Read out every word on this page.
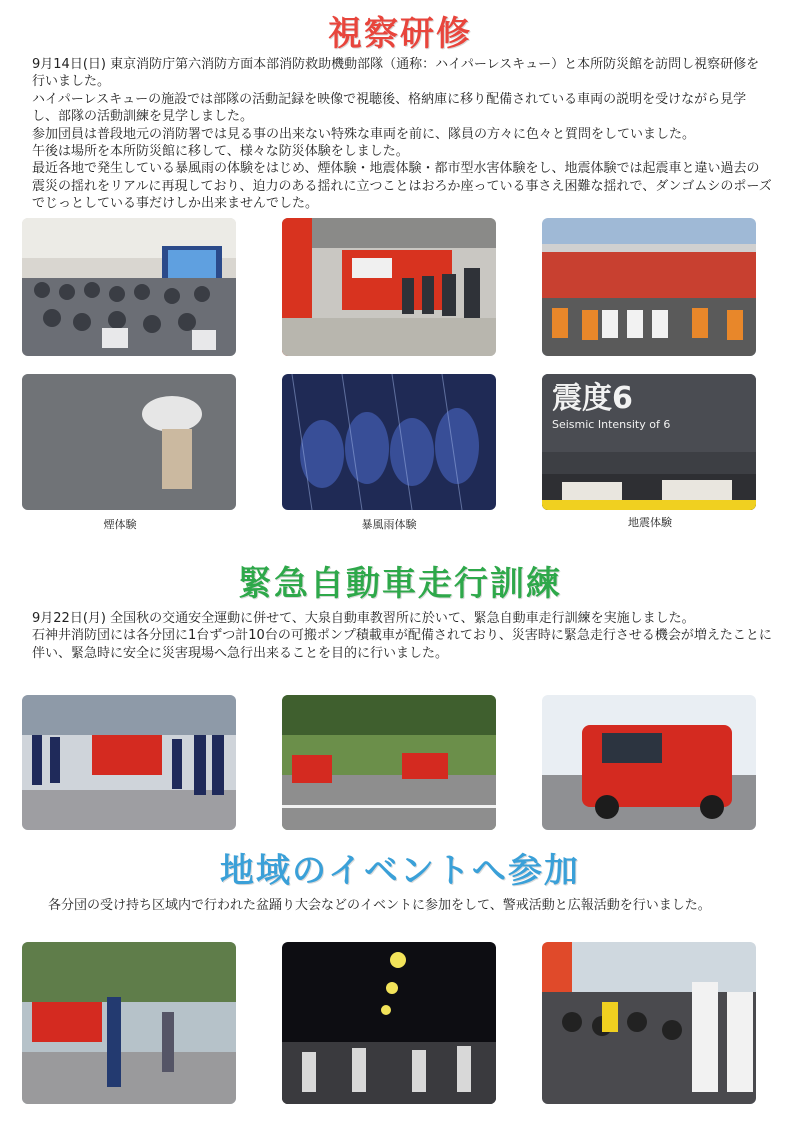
視察研修

9月14日(日) 東京消防庁第六消防方面本部消防救助機動部隊（通称：ハイパーレスキュー）と本所防災館を訪問し視察研修を行いました。

ハイパーレスキューの施設では部隊の活動記録を映像で視聴後、格納庫に移り配備されている車両の説明を受けながら見学し、部隊の活動訓練を見学しました。

参加団員は普段地元の消防署では見る事の出来ない特殊な車両を前に、隊員の方々に色々と質問をしていました。

午後は場所を本所防災館に移して、様々な防災体験をしました。

最近各地で発生している暴風雨の体験をはじめ、煙体験・地震体験・都市型水害体験をし、地震体験では起震車と違い過去の震災の揺れをリアルに再現しており、迫力のある揺れに立つことはおろか座っている事さえ困難な揺れで、ダンゴムシのポーズでじっとしている事だけしか出来ませんでした。

震度6
Seismic Intensity of 6
煙体験	暴風雨体験	地震体験
緊急自動車走行訓練

9月22日(月) 全国秋の交通安全運動に併せて、大泉自動車教習所に於いて、緊急自動車走行訓練を実施しました。

石神井消防団には各分団に1台ずつ計10台の可搬ポンプ積載車が配備されており、災害時に緊急走行させる機会が増えたことに伴い、緊急時に安全に災害現場へ急行出来ることを目的に行いました。

地域のイベントへ参加

各分団の受け持ち区域内で行われた盆踊り大会などのイベントに参加をして、警戒活動と広報活動を行いました。
